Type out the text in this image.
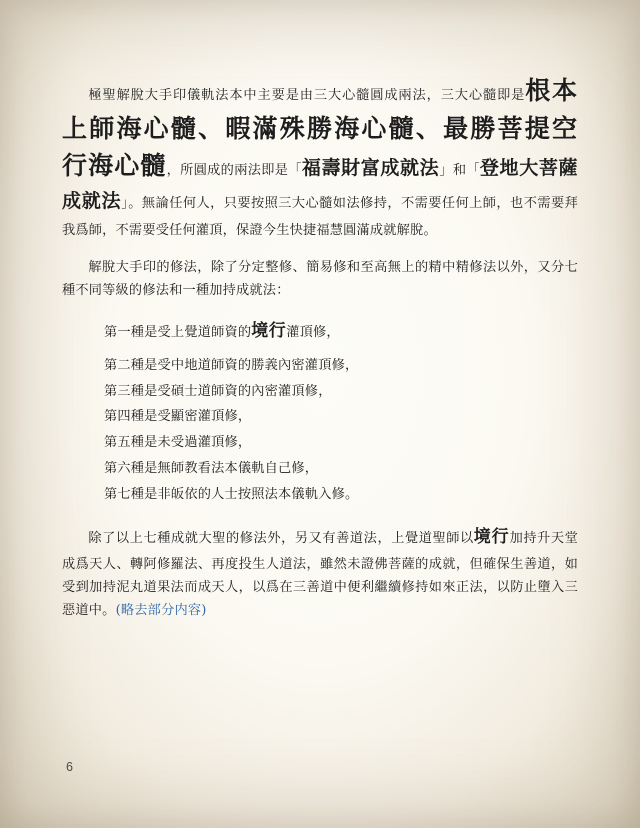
極聖解脫大手印儀軌法本中主要是由三大心髓圓成兩法，三大心髓即是根本上師海心髓、暇滿殊勝海心髓、最勝菩提空行海心髓，所圓成的兩法即是「福壽財富成就法」和「登地大菩薩成就法」。無論任何人，只要按照三大心髓如法修持，不需要任何上師，也不需要拜我爲師，不需要受任何灌頂，保證今生快捷福慧圓滿成就解脫。

解脫大手印的修法，除了分定整修、簡易修和至高無上的精中精修法以外，又分七種不同等級的修法和一種加持成就法：

第一種是受上覺道師資的境行灌頂修，
第二種是受中地道師資的勝義內密灌頂修，
第三種是受碩士道師資的內密灌頂修，
第四種是受顯密灌頂修，
第五種是未受過灌頂修，
第六種是無師教看法本儀軌自己修，
第七種是非皈依的人士按照法本儀軌入修。

除了以上七種成就大聖的修法外，另又有善道法，上覺道聖師以境行加持升天堂成爲天人、轉阿修羅法、再度投生人道法，雖然未證佛菩薩的成就，但確保生善道，如受到加持泥丸道果法而成天人，以爲在三善道中便利繼續修持如來正法，以防止墮入三惡道中。(略去部分内容)

6
